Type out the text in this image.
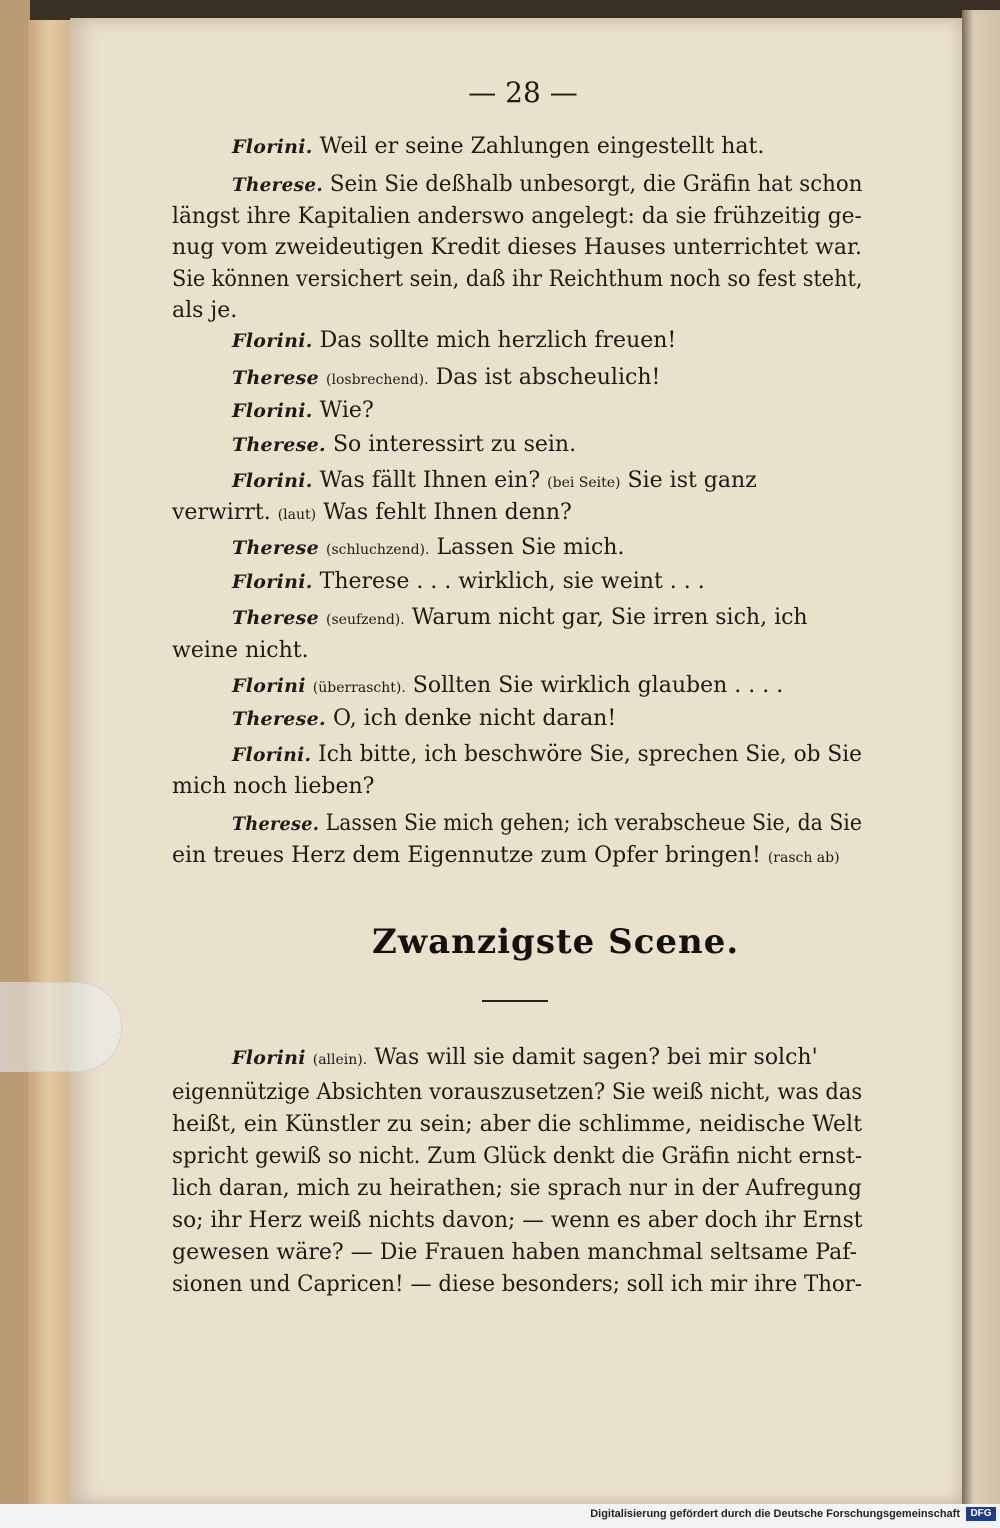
— 28 —
Florini. Weil er seine Zahlungen eingestellt hat.
Therese. Sein Sie deßhalb unbesorgt, die Gräfin hat schon
längst ihre Kapitalien anderswo angelegt: da sie frühzeitig ge-
nug vom zweideutigen Kredit dieses Hauses unterrichtet war.
Sie können versichert sein, daß ihr Reichthum noch so fest steht,
als je.
Florini. Das sollte mich herzlich freuen!
Therese (losbrechend). Das ist abscheulich!
Florini. Wie?
Therese. So interessirt zu sein.
Florini. Was fällt Ihnen ein? (bei Seite) Sie ist ganz
verwirrt. (laut) Was fehlt Ihnen denn?
Therese (schluchzend). Lassen Sie mich.
Florini. Therese . . . wirklich, sie weint . . .
Therese (seufzend). Warum nicht gar, Sie irren sich, ich
weine nicht.
Florini (überrascht). Sollten Sie wirklich glauben . . . .
Therese. O, ich denke nicht daran!
Florini. Ich bitte, ich beschwöre Sie, sprechen Sie, ob Sie
mich noch lieben?
Therese. Lassen Sie mich gehen; ich verabscheue Sie, da Sie
ein treues Herz dem Eigennutze zum Opfer bringen! (rasch ab)
Florini (allein). Was will sie damit sagen? bei mir solch'
eigennützige Absichten vorauszusetzen? Sie weiß nicht, was das
heißt, ein Künstler zu sein; aber die schlimme, neidische Welt
spricht gewiß so nicht. Zum Glück denkt die Gräfin nicht ernst-
lich daran, mich zu heirathen; sie sprach nur in der Aufregung
so; ihr Herz weiß nichts davon; — wenn es aber doch ihr Ernst
gewesen wäre? — Die Frauen haben manchmal seltsame Paf-
sionen und Capricen! — diese besonders; soll ich mir ihre Thor-
Zwanzigste Scene.
Digitalisierung gefördert durch die Deutsche Forschungsgemeinschaft	DFG
